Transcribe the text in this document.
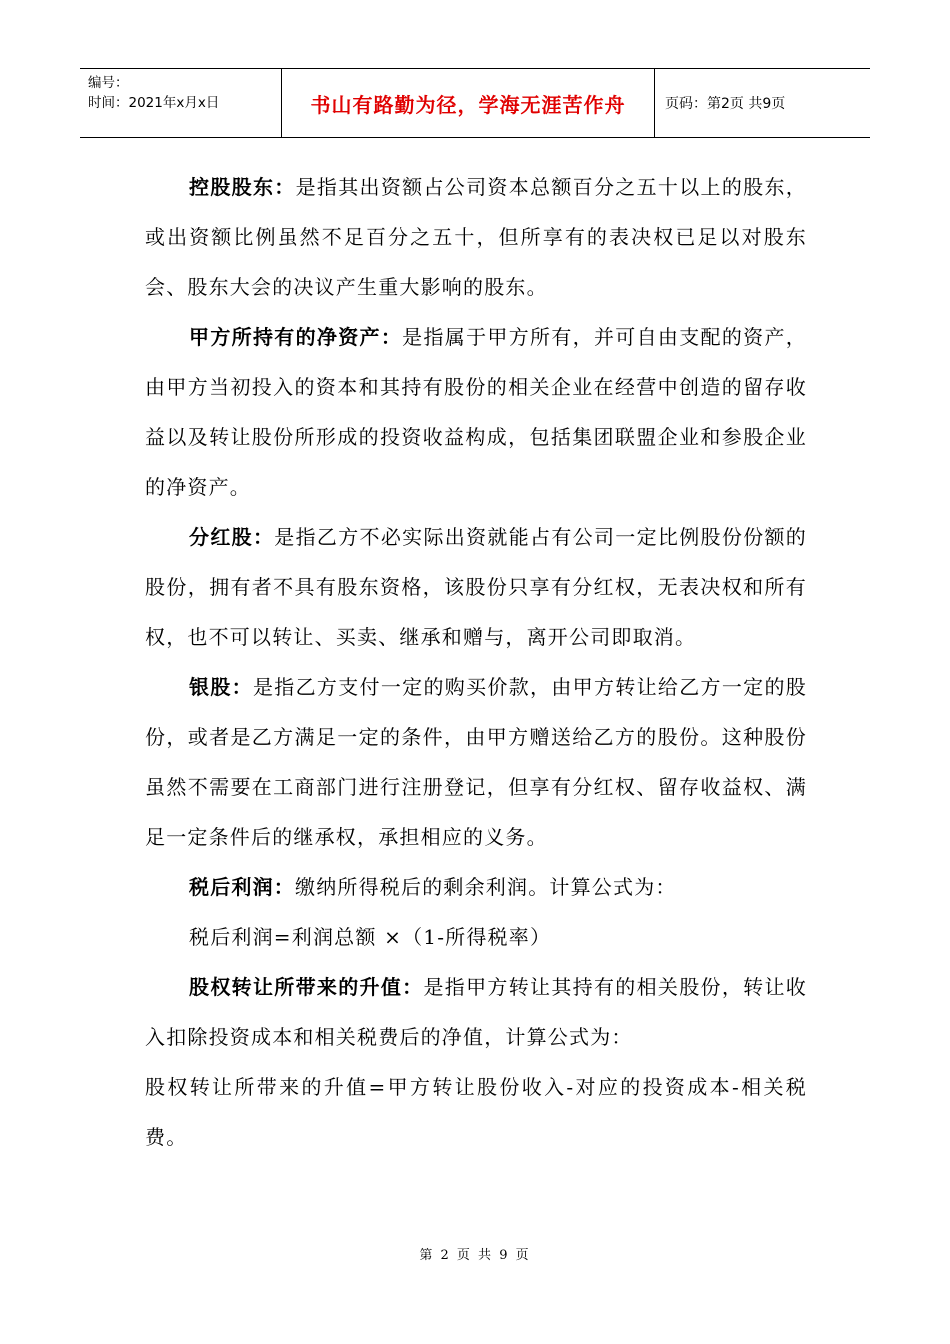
编号：
时间：2021年x月x日	书山有路勤为径，学海无涯苦作舟	页码：第2页 共9页

控股股东：是指其出资额占公司资本总额百分之五十以上的股东，或出资额比例虽然不足百分之五十，但所享有的表决权已足以对股东会、股东大会的决议产生重大影响的股东。

甲方所持有的净资产：是指属于甲方所有，并可自由支配的资产，由甲方当初投入的资本和其持有股份的相关企业在经营中创造的留存收益以及转让股份所形成的投资收益构成，包括集团联盟企业和参股企业的净资产。

分红股：是指乙方不必实际出资就能占有公司一定比例股份份额的股份，拥有者不具有股东资格，该股份只享有分红权，无表决权和所有权，也不可以转让、买卖、继承和赠与，离开公司即取消。

银股：是指乙方支付一定的购买价款，由甲方转让给乙方一定的股份，或者是乙方满足一定的条件，由甲方赠送给乙方的股份。这种股份虽然不需要在工商部门进行注册登记，但享有分红权、留存收益权、满足一定条件后的继承权，承担相应的义务。

税后利润：缴纳所得税后的剩余利润。计算公式为：

税后利润=利润总额 ×（1-所得税率）

股权转让所带来的升值：是指甲方转让其持有的相关股份，转让收入扣除投资成本和相关税费后的净值，计算公式为：

股权转让所带来的升值=甲方转让股份收入-对应的投资成本-相关税费。

第 2 页 共 9 页
